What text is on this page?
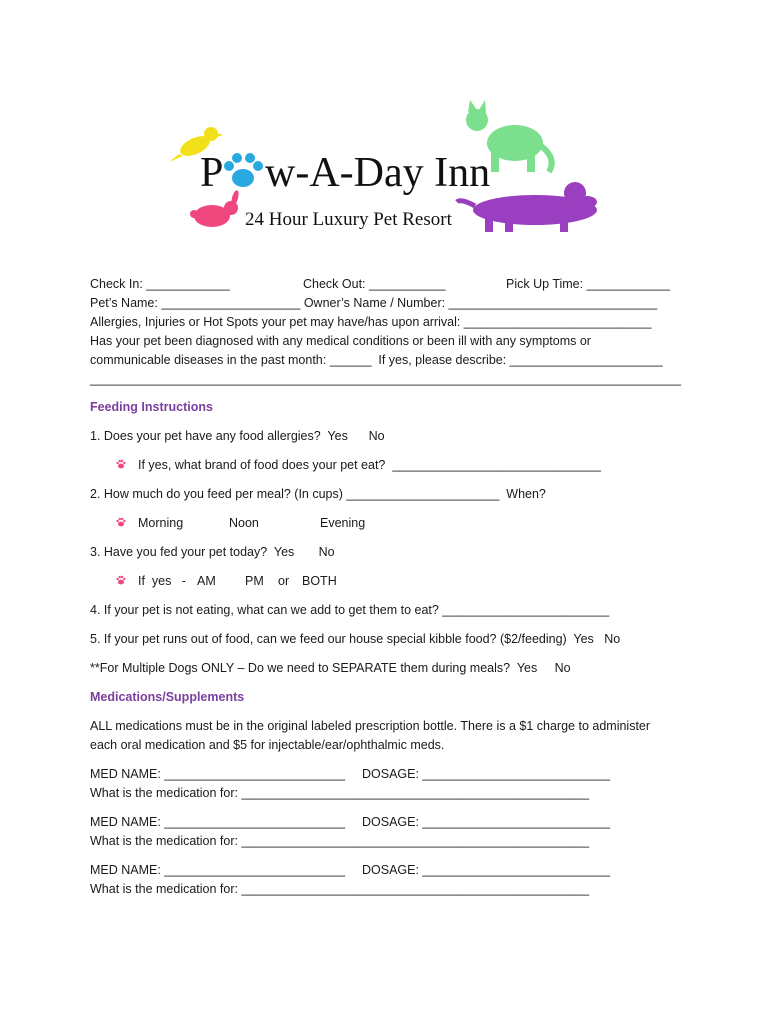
P w-A-Day Inn
24 Hour Luxury Pet Resort
Check In: ____________	Check Out: ___________	Pick Up Time: ____________
Pet’s Name: ____________________ Owner’s Name / Number: ______________________________
Allergies, Injuries or Hot Spots your pet may have/has upon arrival: ___________________________
Has your pet been diagnosed with any medical conditions or been ill with any symptoms or
communicable diseases in the past month: ______  If yes, please describe: ______________________
_____________________________________________________________________________________
Feeding Instructions
1. Does your pet have any food allergies?  Yes      No
If yes, what brand of food does your pet eat?  ______________________________
2. How much do you feed per meal? (In cups) ______________________  When?
Morning	Noon	Evening
3. Have you fed your pet today?  Yes       No
If  yes   - AM PM or BOTH
4. If your pet is not eating, what can we add to get them to eat? ________________________
5. If your pet runs out of food, can we feed our house special kibble food? ($2/feeding)  Yes   No
**For Multiple Dogs ONLY – Do we need to SEPARATE them during meals?  Yes     No
Medications/Supplements
ALL medications must be in the original labeled prescription bottle. There is a $1 charge to administer
each oral medication and $5 for injectable/ear/ophthalmic meds.
MED NAME: __________________________ DOSAGE: ___________________________
What is the medication for: __________________________________________________
MED NAME: __________________________ DOSAGE: ___________________________
What is the medication for: __________________________________________________
MED NAME: __________________________ DOSAGE: ___________________________
What is the medication for: __________________________________________________
